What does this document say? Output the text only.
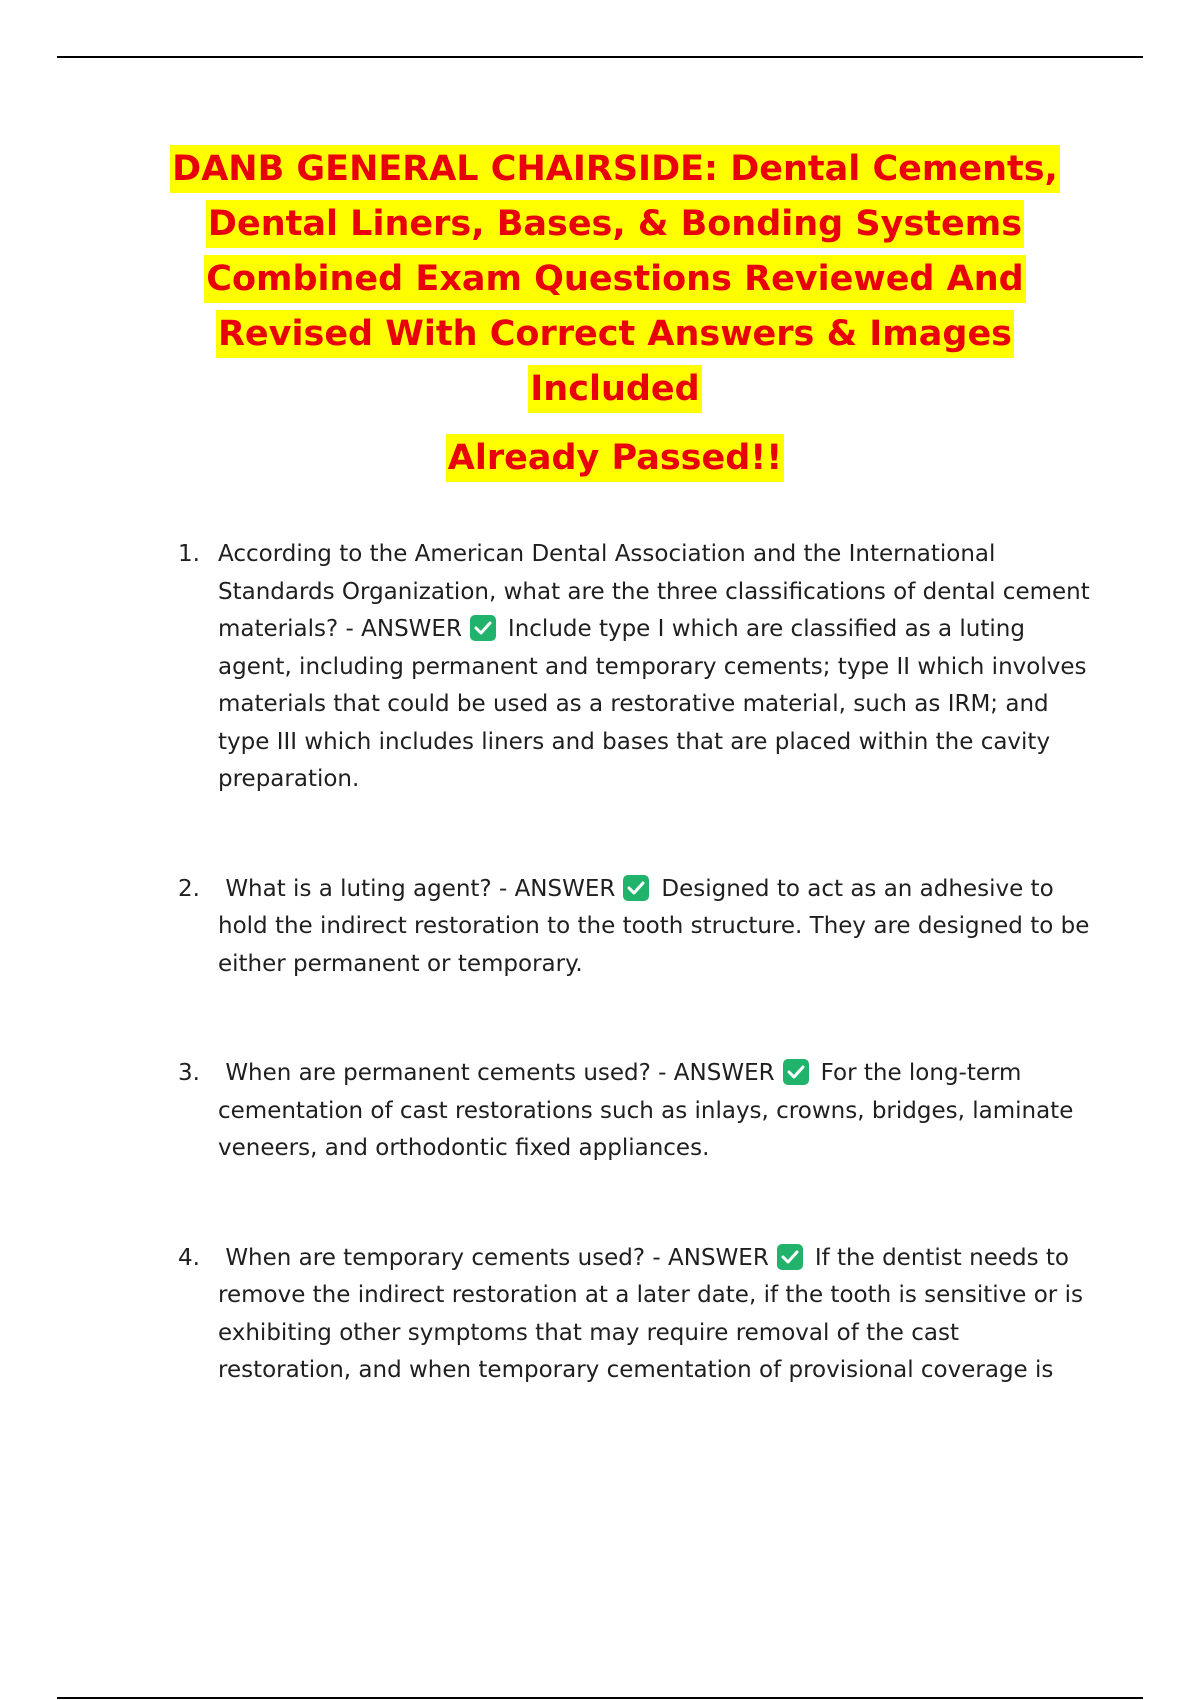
DANB GENERAL CHAIRSIDE: Dental Cements,
Dental Liners, Bases, & Bonding Systems
Combined Exam Questions Reviewed And
Revised With Correct Answers & Images
Included
Already Passed!!
1. According to the American Dental Association and the International Standards Organization, what are the three classifications of dental cement materials? - ANSWER Include type I which are classified as a luting agent, including permanent and temporary cements; type II which involves materials that could be used as a restorative material, such as IRM; and type III which includes liners and bases that are placed within the cavity preparation.
2. What is a luting agent? - ANSWER Designed to act as an adhesive to hold the indirect restoration to the tooth structure. They are designed to be either permanent or temporary.
3. When are permanent cements used? - ANSWER For the long-term cementation of cast restorations such as inlays, crowns, bridges, laminate veneers, and orthodontic fixed appliances.
4. When are temporary cements used? - ANSWER If the dentist needs to remove the indirect restoration at a later date, if the tooth is sensitive or is exhibiting other symptoms that may require removal of the cast restoration, and when temporary cementation of provisional coverage is
